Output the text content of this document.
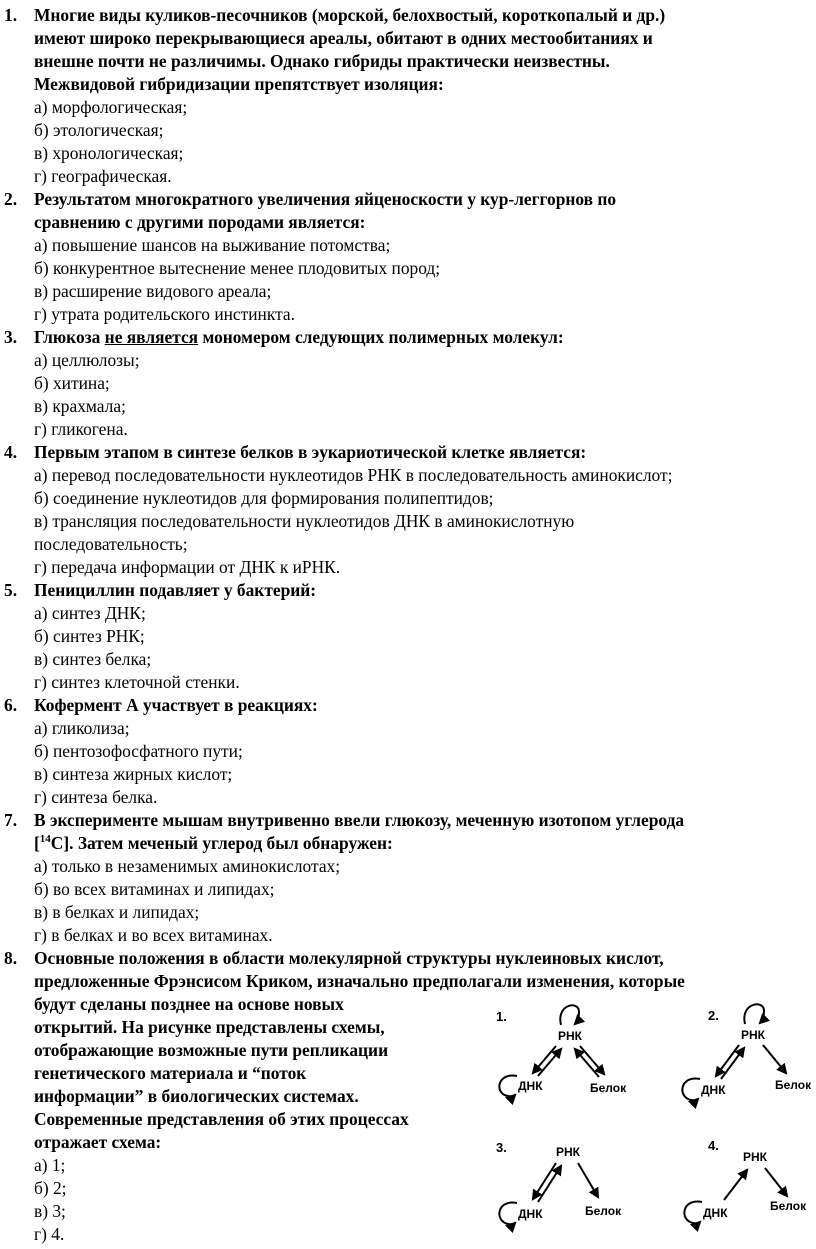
1. Многие виды куликов-песочников (морской, белохвостый, короткопалый и др.)
имеют широко перекрывающиеся ареалы, обитают в одних местообитаниях и
внешне почти не различимы. Однако гибриды практически неизвестны.
Межвидовой гибридизации препятствует изоляция:
а) морфологическая;
б) этологическая;
в) хронологическая;
г) географическая.
2. Результатом многократного увеличения яйценоскости у кур-леггорнов по
сравнению с другими породами является:
а) повышение шансов на выживание потомства;
б) конкурентное вытеснение менее плодовитых пород;
в) расширение видового ареала;
г) утрата родительского инстинкта.
3. Глюкоза не является мономером следующих полимерных молекул:
а) целлюлозы;
б) хитина;
в) крахмала;
г) гликогена.
4. Первым этапом в синтезе белков в эукариотической клетке является:
а) перевод последовательности нуклеотидов РНК в последовательность аминокислот;
б) соединение нуклеотидов для формирования полипептидов;
в) трансляция последовательности нуклеотидов ДНК в аминокислотную
последовательность;
г) передача информации от ДНК к иРНК.
5. Пенициллин подавляет у бактерий:
а) синтез ДНК;
б) синтез РНК;
в) синтез белка;
г) синтез клеточной стенки.
6. Кофермент А участвует в реакциях:
а) гликолиза;
б) пентозофосфатного пути;
в) синтеза жирных кислот;
г) синтеза белка.
7. В эксперименте мышам внутривенно ввели глюкозу, меченную изотопом углерода
[$^{14}$C]. Затем меченый углерод был обнаружен:
а) только в незаменимых аминокислотах;
б) во всех витаминах и липидах;
в) в белках и липидах;
г) в белках и во всех витаминах.
8. Основные положения в области молекулярной структуры нуклеиновых кислот,
предложенные Фрэнсисом Криком, изначально предполагали изменения, которые
будут сделаны позднее на основе новых
открытий. На рисунке представлены схемы,
отображающие возможные пути репликации
генетического материала и “поток
информации” в биологических системах.
Современные представления об этих процессах
отражает схема:
а) 1;
б) 2;
в) 3;
г) 4.
1.
РНК
ДНК	Белок
2.
РНК
ДНК	Белок
3.	РНК
ДНК	Белок
4.
РНК
ДНК	Белок
